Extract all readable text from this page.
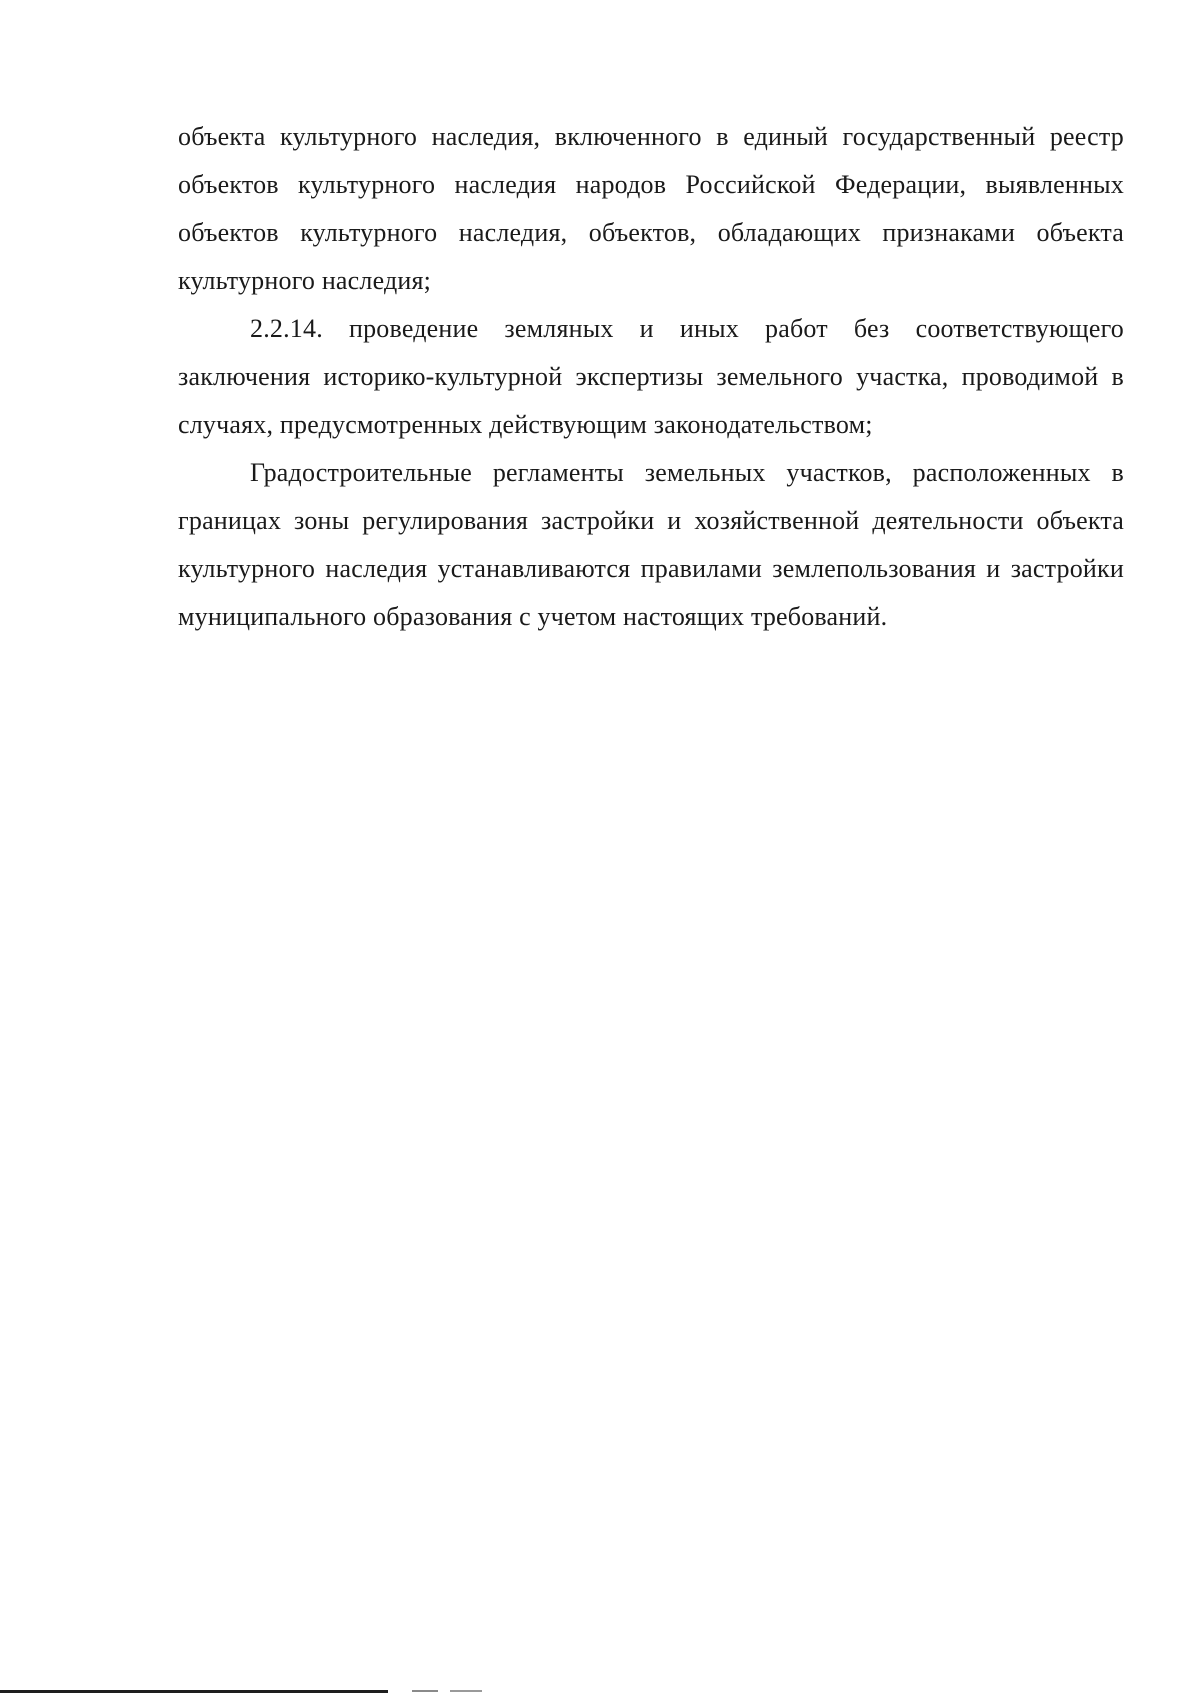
объекта культурного наследия, включенного в единый государственный реестр объектов культурного наследия народов Российской Федерации, выявленных объектов культурного наследия, объектов, обладающих признаками объекта культурного наследия;

2.2.14. проведение земляных и иных работ без соответствующего заключения историко-культурной экспертизы земельного участка, проводимой в случаях, предусмотренных действующим законодательством;

Градостроительные регламенты земельных участков, расположенных в границах зоны регулирования застройки и хозяйственной деятельности объекта культурного наследия устанавливаются правилами землепользования и застройки муниципального образования с учетом настоящих требований.
